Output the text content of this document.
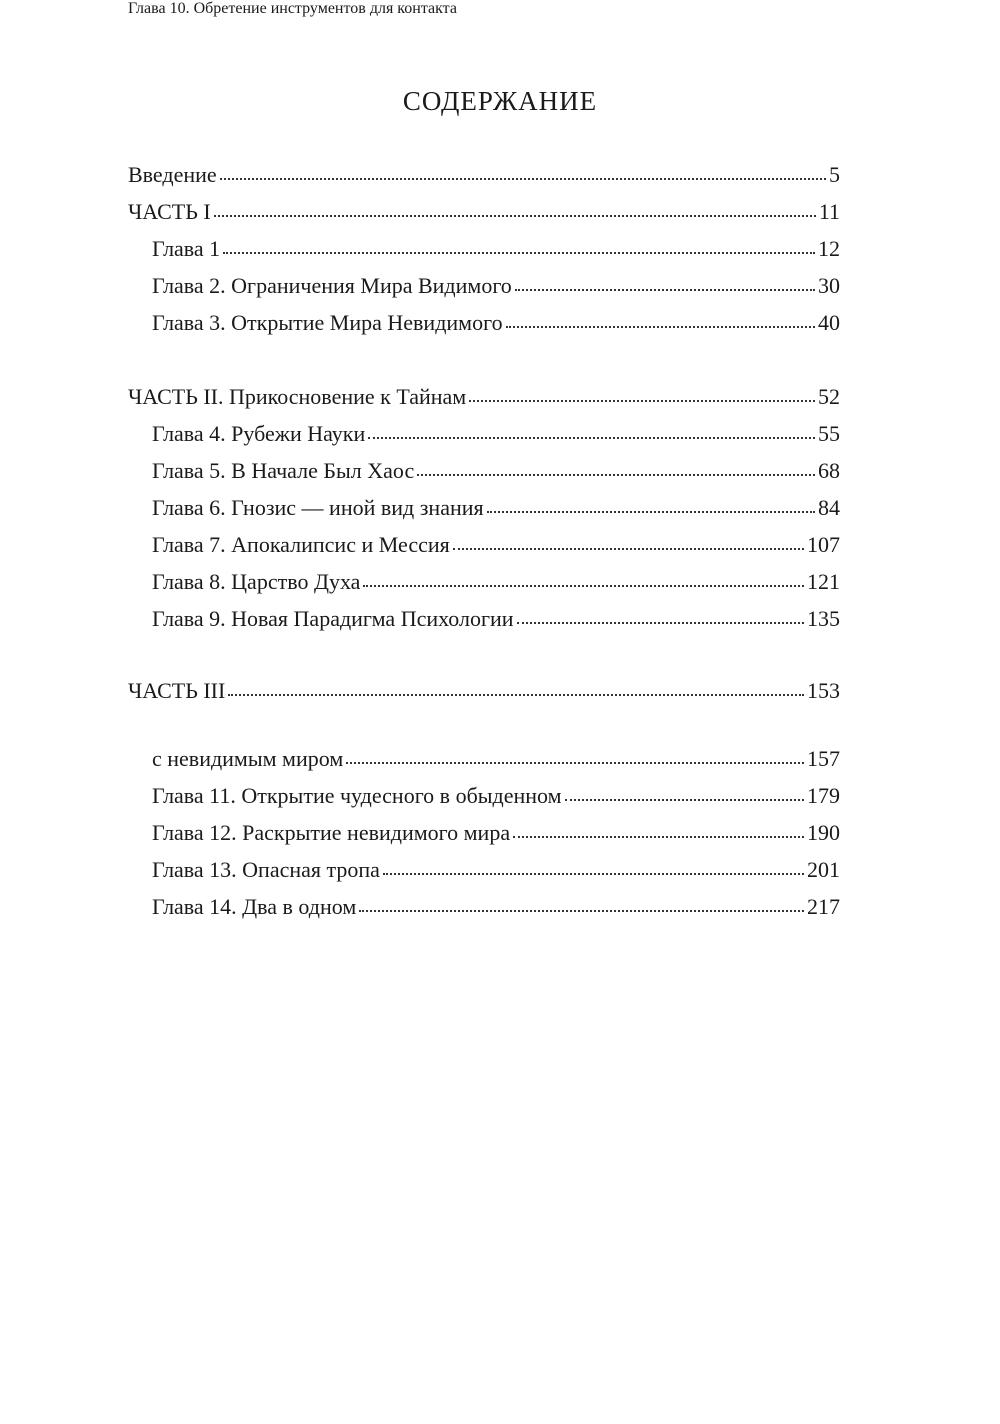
СОДЕРЖАНИЕ
Введение	5
ЧАСТЬ I	11
Глава 1	12
Глава 2. Ограничения Мира Видимого	30
Глава 3. Открытие Мира Невидимого	40
ЧАСТЬ II. Прикосновение к Тайнам	52
Глава 4. Рубежи Науки	55
Глава 5. В Начале Был Хаос	68
Глава 6. Гнозис — иной вид знания	84
Глава 7. Апокалипсис и Мессия	107
Глава 8. Царство Духа	121
Глава 9. Новая Парадигма Психологии	135
ЧАСТЬ III	153
Глава 10. Обретение инструментов для контакта
с невидимым миром	157
Глава 11. Открытие чудесного в обыденном	179
Глава 12. Раскрытие невидимого мира	190
Глава 13. Опасная тропа	201
Глава 14. Два в одном	217
